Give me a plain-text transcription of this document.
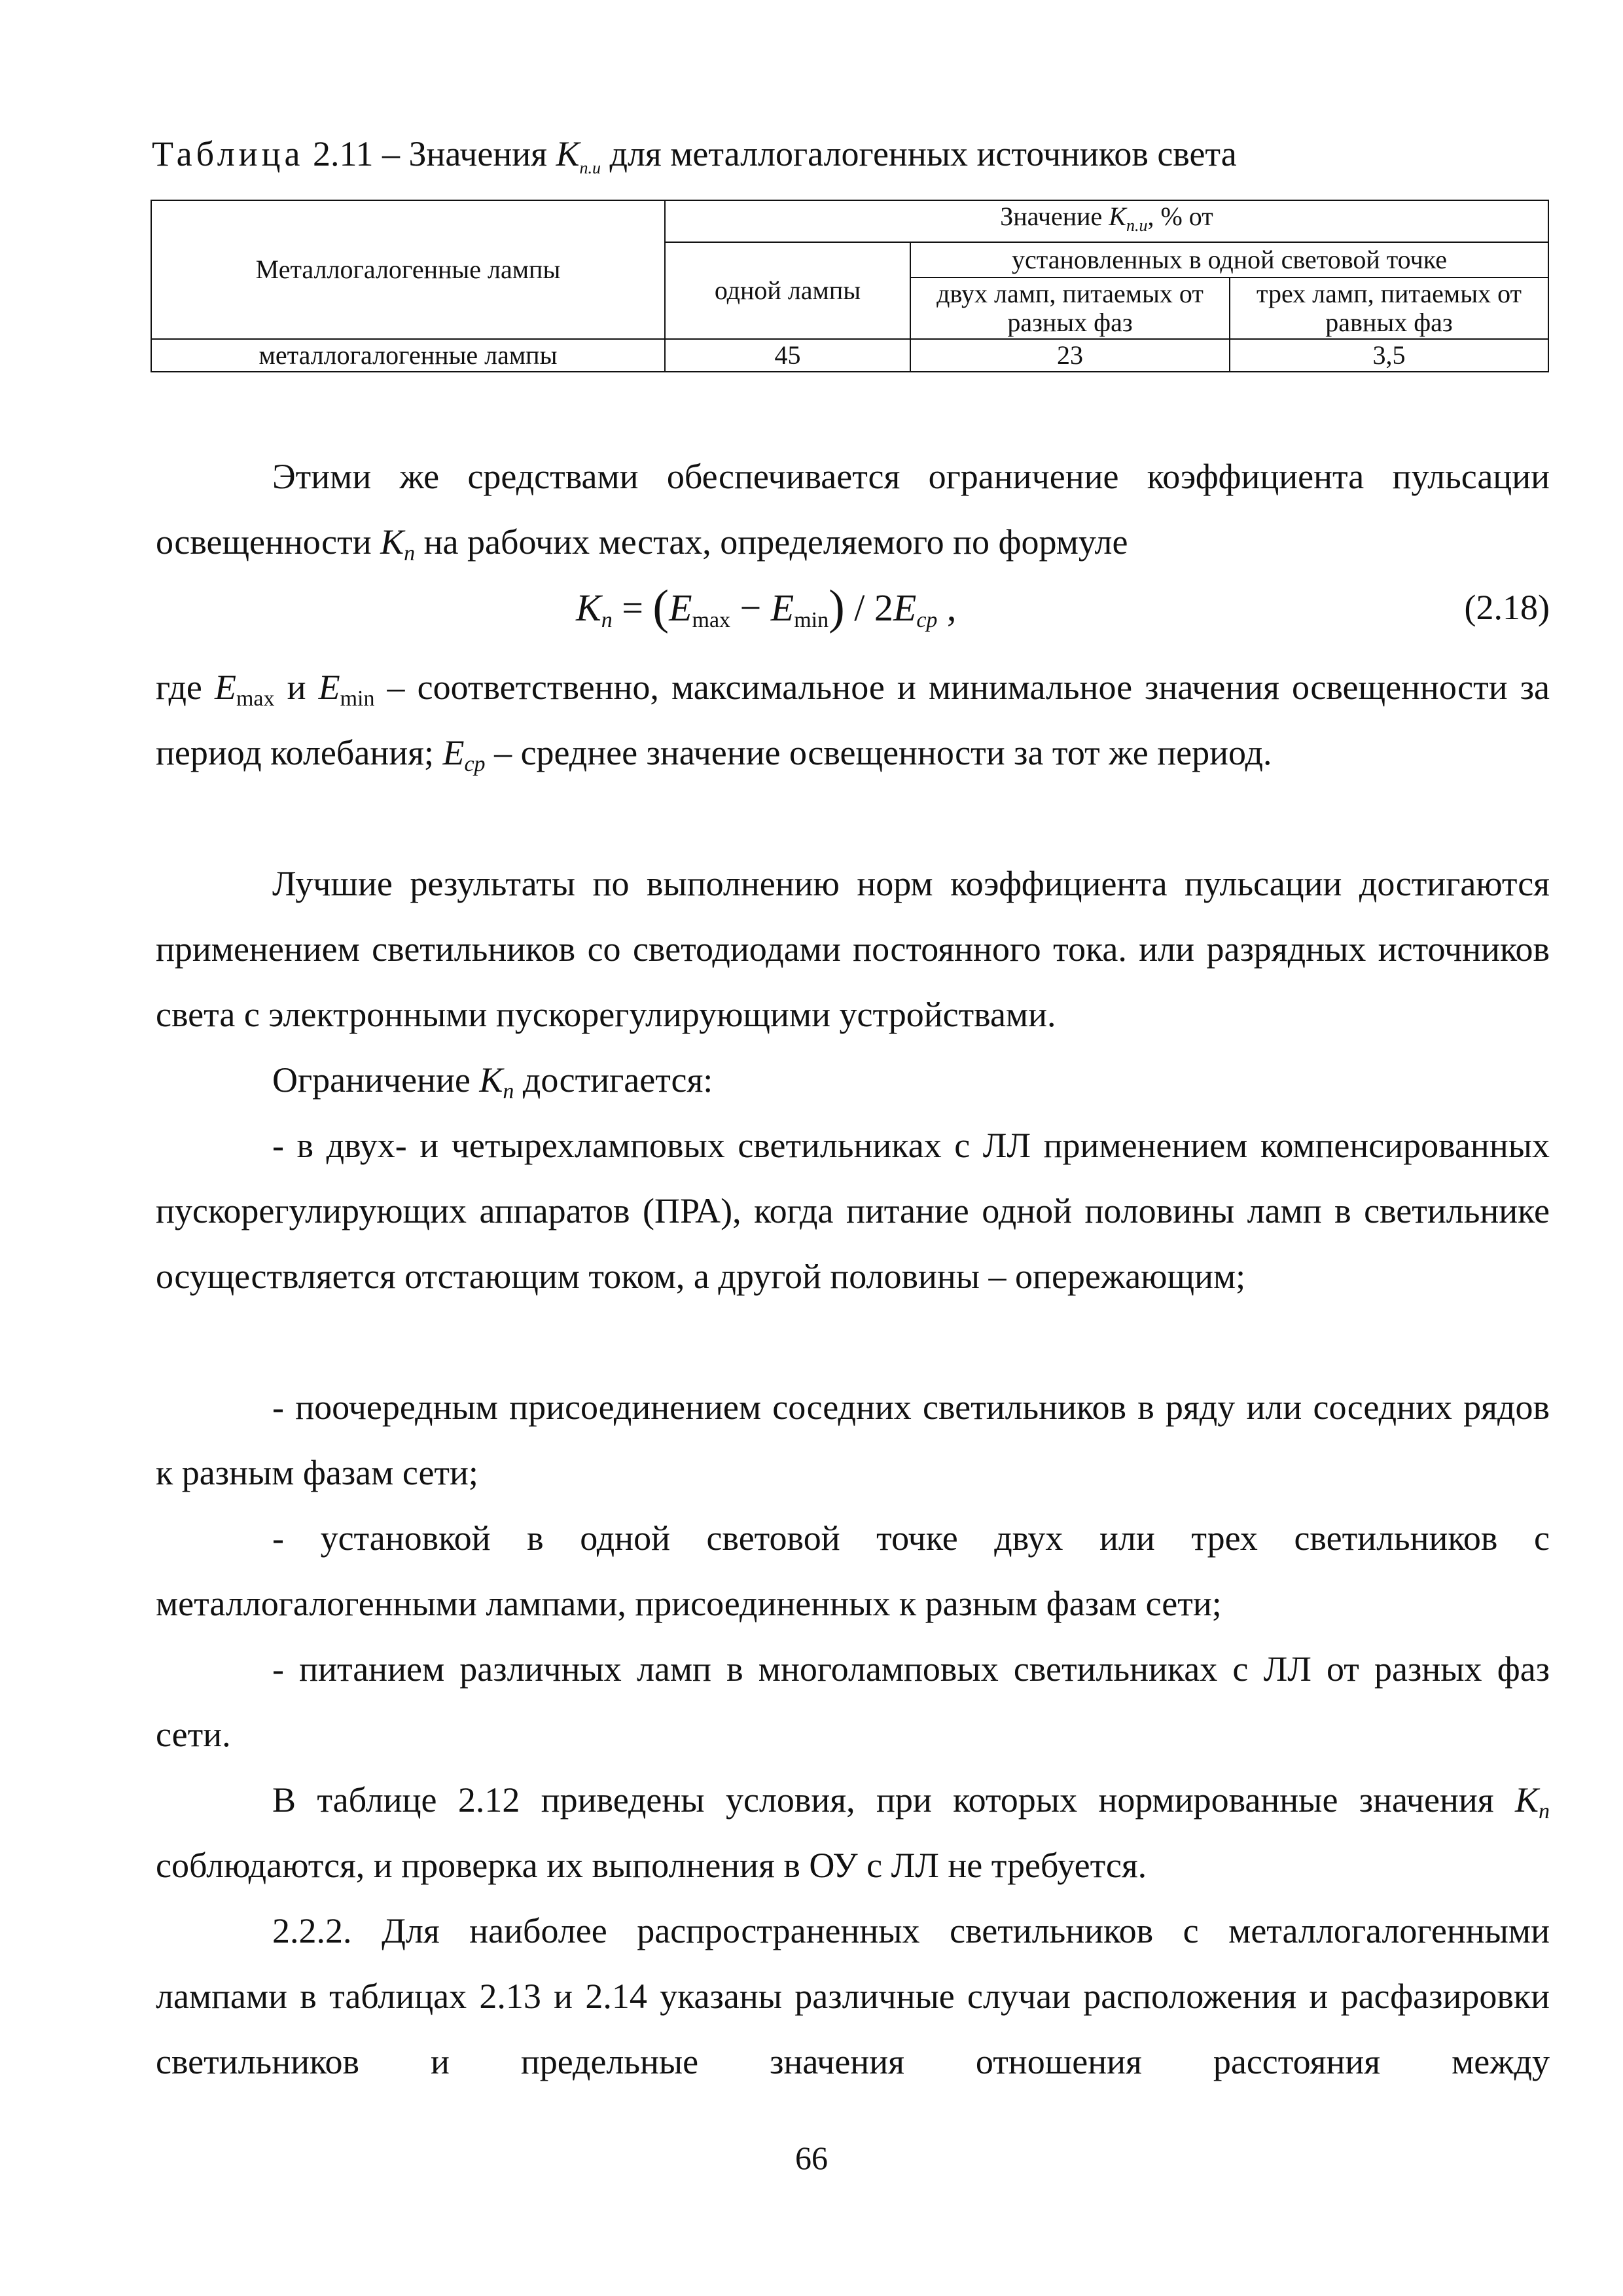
Таблица 2.11 – Значения $K_{п.и}$ для металлогалогенных источников света
Металлогалогенные лампы	Значение $K_{п.и}$, % от		
	одной лампы	установленных в одной световой точке	
		двух ламп, питаемых от разных фаз	трех ламп, питаемых от равных фаз
металлогалогенные лампы	45	23	3,5
Этими же средствами обеспечивается ограничение коэффициента пульсации освещенности $K_п$ на рабочих местах, определяемого по формуле
$K_п = (E_{max} - E_{min}) / 2E_{ср}$ ,	(2.18)
где $E_{max}$ и $E_{min}$ – соответственно, максимальное и минимальное значения освещенности за период колебания; $E_{ср}$ – среднее значение освещенности за тот же период.
Лучшие результаты по выполнению норм коэффициента пульсации достигаются применением светильников со светодиодами постоянного тока. или разрядных источников света с электронными пускорегулирующими устройствами.
Ограничение $K_п$ достигается:
- в двух- и четырехламповых светильниках с ЛЛ применением компенсированных пускорегулирующих аппаратов (ПРА), когда питание одной половины ламп в светильнике осуществляется отстающим током, а другой половины – опережающим;
- поочередным присоединением соседних светильников в ряду или соседних рядов к разным фазам сети;
- установкой в одной световой точке двух или трех светильников с металлогалогенными лампами, присоединенных к разным фазам сети;
- питанием различных ламп в многоламповых светильниках с ЛЛ от разных фаз сети.
В таблице 2.12 приведены условия, при которых нормированные значения $K_п$ соблюдаются, и проверка их выполнения в ОУ с ЛЛ не требуется.
2.2.2. Для наиболее распространенных светильников с металлогалогенными лампами в таблицах 2.13 и 2.14 указаны различные случаи расположения и расфазировки светильников и предельные значения отношения расстояния между
66
